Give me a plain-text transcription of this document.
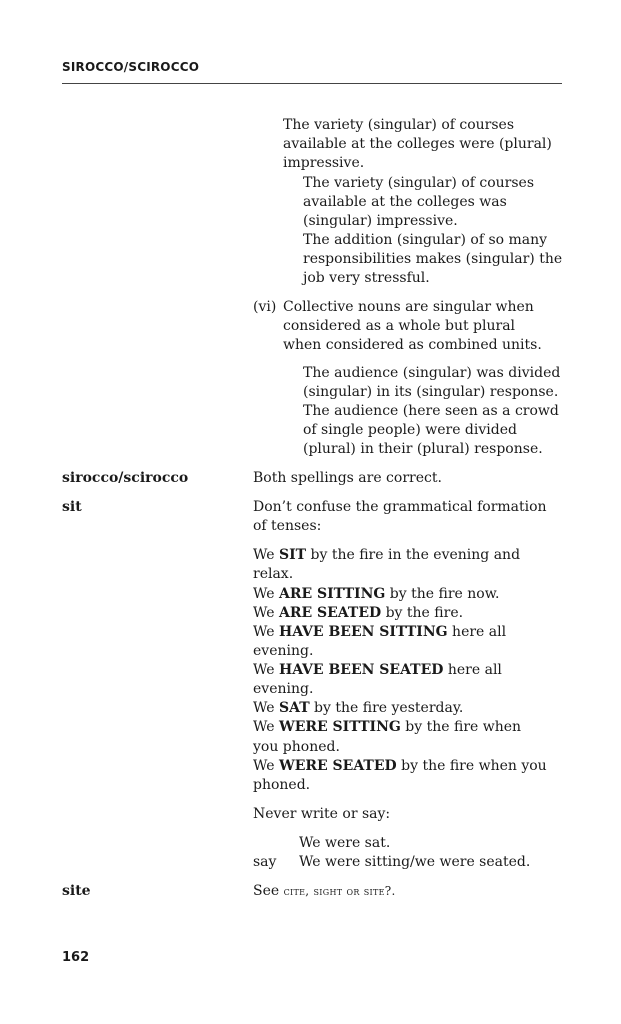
SIROCCO/SCIROCCO
The variety (singular) of courses
available at the colleges were (plural)
impressive.
The variety (singular) of courses
available at the colleges was
(singular) impressive.
The addition (singular) of so many
responsibilities makes (singular) the
job very stressful.
(vi) Collective nouns are singular when
considered as a whole but plural
when considered as combined units.
The audience (singular) was divided
(singular) in its (singular) response.
The audience (here seen as a crowd
of single people) were divided
(plural) in their (plural) response.
sirocco/scirocco	Both spellings are correct.
sit	Don’t confuse the grammatical formation
of tenses:
We SIT by the fire in the evening and
relax.
We ARE SITTING by the fire now.
We ARE SEATED by the fire.
We HAVE BEEN SITTING here all
evening.
We HAVE BEEN SEATED here all
evening.
We SAT by the fire yesterday.
We WERE SITTING by the fire when
you phoned.
We WERE SEATED by the fire when you
phoned.
Never write or say:
We were sat.
say We were sitting/we were seated.
site	See cite, sight or site?.
162
